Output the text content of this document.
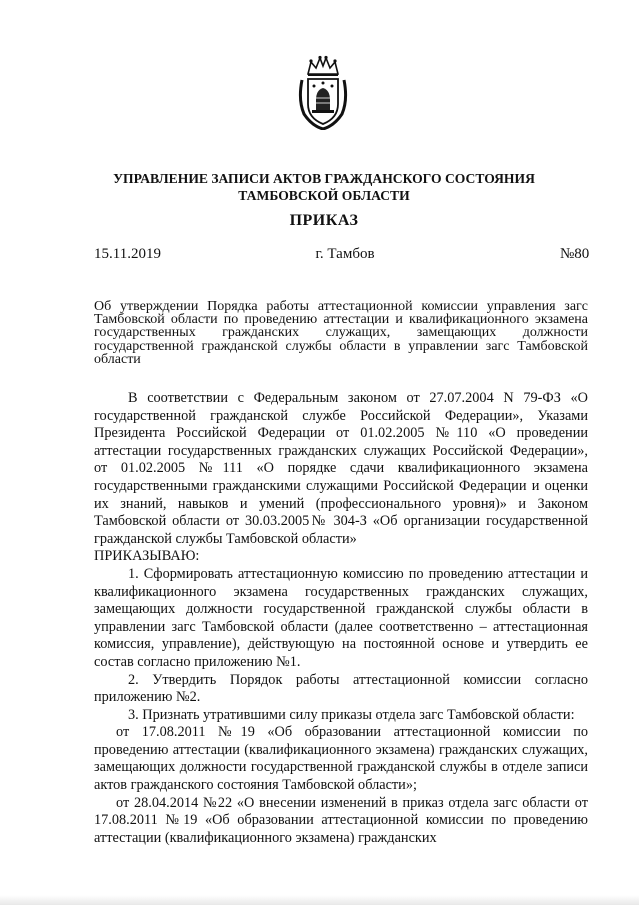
УПРАВЛЕНИЕ ЗАПИСИ АКТОВ ГРАЖДАНСКОГО СОСТОЯНИЯ
ТАМБОВСКОЙ ОБЛАСТИ
ПРИКАЗ
15.11.2019	г. Тамбов	№80
Об утверждении Порядка работы аттестационной комиссии управления загс Тамбовской области по проведению аттестации и квалификационного экзамена государственных гражданских служащих, замещающих должности государственной гражданской службы области в управлении загс Тамбовской области

В соответствии с Федеральным законом от 27.07.2004 N 79-ФЗ «О государственной гражданской службе Российской Федерации», Указами Президента Российской Федерации от 01.02.2005 №110 «О проведении аттестации государственных гражданских служащих Российской Федерации», от 01.02.2005 №111 «О порядке сдачи квалификационного экзамена государственными гражданскими служащими Российской Федерации и оценки их знаний, навыков и умений (профессионального уровня)» и Законом Тамбовской области от 30.03.2005№ 304-З «Об организации государственной гражданской службы Тамбовской области»

ПРИКАЗЫВАЮ:

1. Сформировать аттестационную комиссию по проведению аттестации и квалификационного экзамена государственных гражданских служащих, замещающих должности государственной гражданской службы области в управлении загс Тамбовской области (далее соответственно – аттестационная комиссия, управление), действующую на постоянной основе и утвердить ее состав согласно приложению №1.

2. Утвердить Порядок работы аттестационной комиссии согласно приложению №2.

3. Признать утратившими силу приказы отдела загс Тамбовской области:

от 17.08.2011 №19 «Об образовании аттестационной комиссии по проведению аттестации (квалификационного экзамена) гражданских служащих, замещающих должности государственной гражданской службы в отделе записи актов гражданского состояния Тамбовской области»;

от 28.04.2014 №22 «О внесении изменений в приказ отдела загс области от 17.08.2011 №19 «Об образовании аттестационной комиссии по проведению аттестации (квалификационного экзамена) гражданских
